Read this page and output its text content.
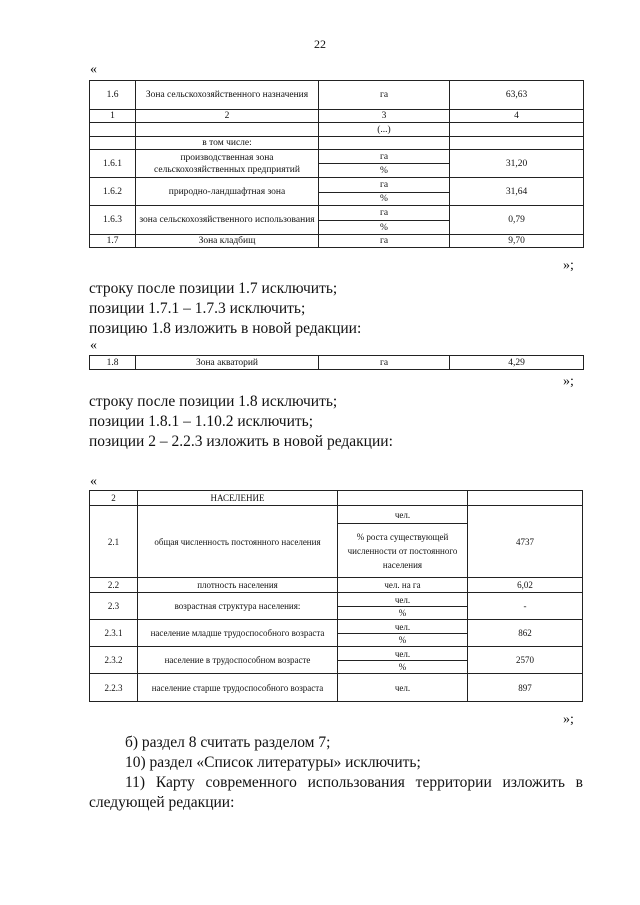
22
«
1.6	Зона сельскохозяйственного назначения	га	63,63
1	2	3	4
		(...)	
	в том числе:		
1.6.1	производственная зона сельскохозяйственных предприятий	га	31,20
		%	
1.6.2	природно-ландшафтная зона	га	31,64
		%	
1.6.3	зона сельскохозяйственного использования	га	0,79
		%	
1.7	Зона кладбищ	га	9,70
»;
строку после позиции 1.7 исключить;
позиции 1.7.1 – 1.7.3 исключить;
позицию 1.8 изложить в новой редакции:
«
1.8	Зона акваторий	га	4,29
»;
строку после позиции 1.8 исключить;
позиции 1.8.1 – 1.10.2 исключить;
позиции 2 – 2.2.3 изложить в новой редакции:
«
2	НАСЕЛЕНИЕ		
2.1	общая численность постоянного населения	чел.	4737
		% роста существующей численности от постоянного населения	
2.2	плотность населения	чел. на га	6,02
2.3	возрастная структура населения:	чел.	-
		%	
2.3.1	население младше трудоспособного возраста	чел.	862
		%	
2.3.2	население в трудоспособном возрасте	чел.	2570
		%	
2.2.3	население старше трудоспособного возраста	чел.	897
»;
б) раздел 8 считать разделом 7;
10) раздел «Список литературы» исключить;
11) Карту современного использования территории изложить в
следующей редакции:
